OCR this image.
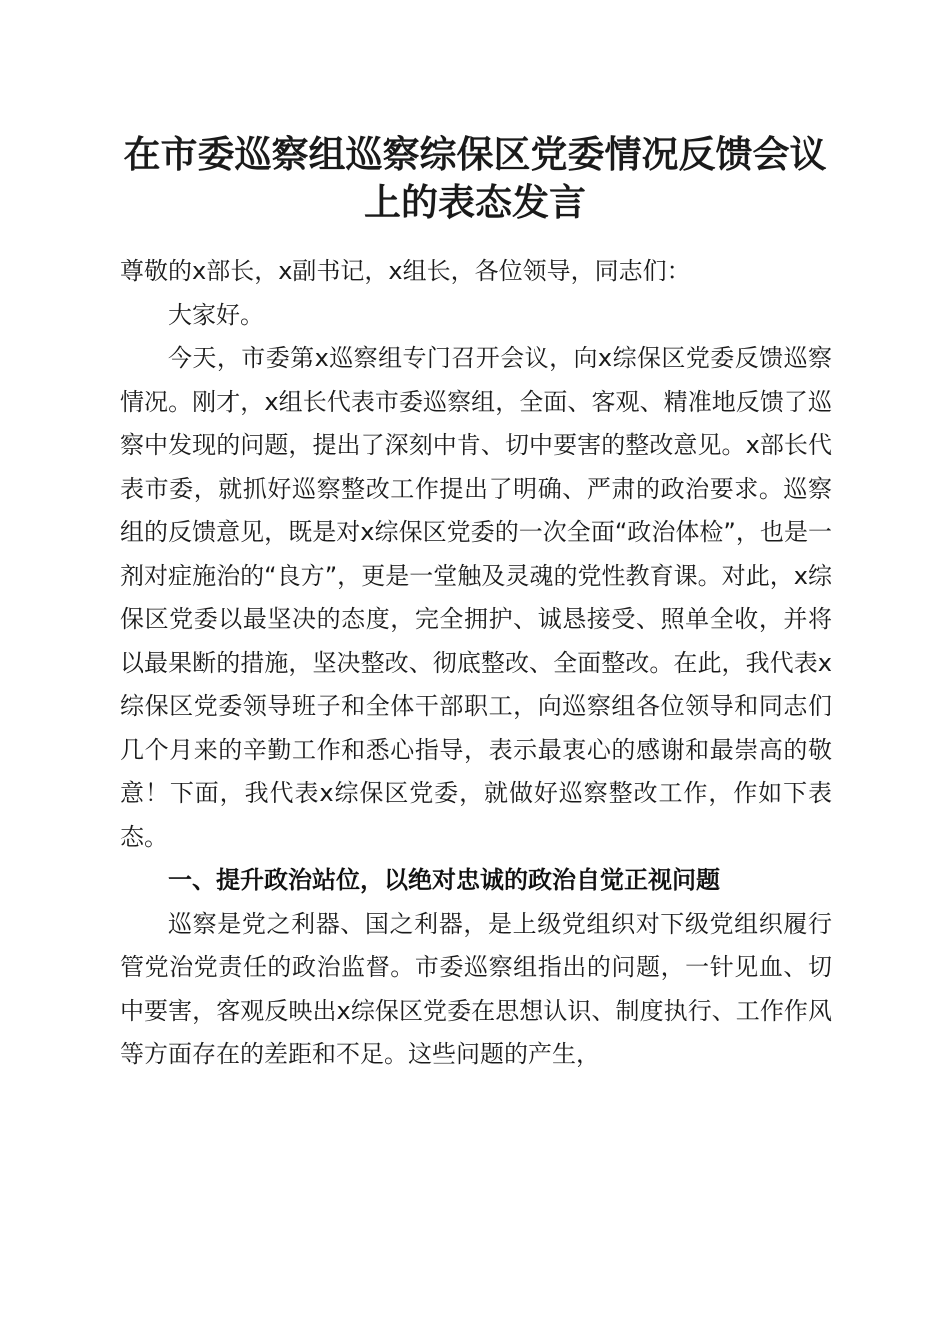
在市委巡察组巡察综保区党委情况反馈会议上的表态发言

尊敬的x部长，x副书记，x组长，各位领导，同志们：

大家好。

今天，市委第x巡察组专门召开会议，向x综保区党委反馈巡察情况。刚才，x组长代表市委巡察组，全面、客观、精准地反馈了巡察中发现的问题，提出了深刻中肯、切中要害的整改意见。x部长代表市委，就抓好巡察整改工作提出了明确、严肃的政治要求。巡察组的反馈意见，既是对x综保区党委的一次全面“政治体检”，也是一剂对症施治的“良方”，更是一堂触及灵魂的党性教育课。对此，x综保区党委以最坚决的态度，完全拥护、诚恳接受、照单全收，并将以最果断的措施，坚决整改、彻底整改、全面整改。在此，我代表x综保区党委领导班子和全体干部职工，向巡察组各位领导和同志们几个月来的辛勤工作和悉心指导，表示最衷心的感谢和最崇高的敬意！下面，我代表x综保区党委，就做好巡察整改工作，作如下表态。

一、提升政治站位，以绝对忠诚的政治自觉正视问题

巡察是党之利器、国之利器，是上级党组织对下级党组织履行管党治党责任的政治监督。市委巡察组指出的问题，一针见血、切中要害，客观反映出x综保区党委在思想认识、制度执行、工作作风等方面存在的差距和不足。这些问题的产生，
